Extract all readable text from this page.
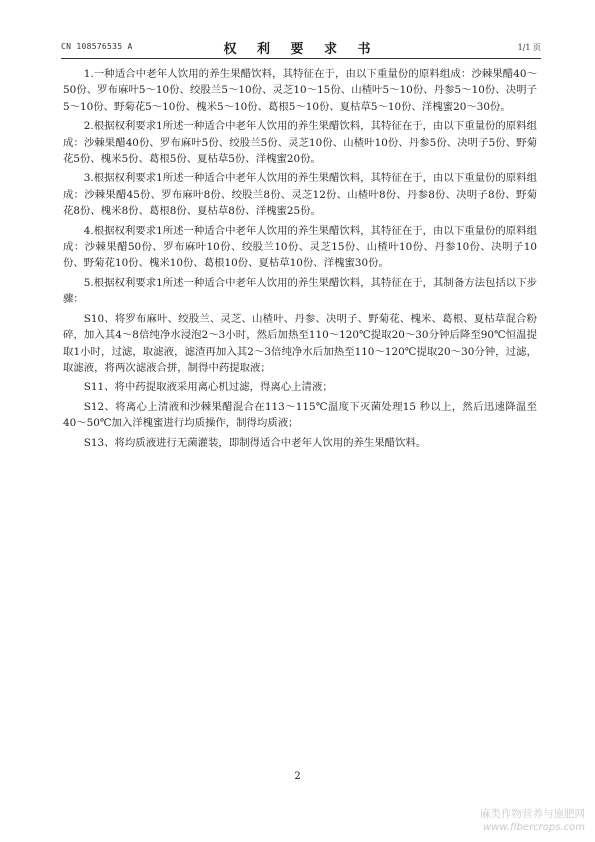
CN 108576535 A	权 利 要 求 书	1/1 页

1.一种适合中老年人饮用的养生果醋饮料，其特征在于，由以下重量份的原料组成：沙棘果醋40～50份、罗布麻叶5～10份、绞股兰5～10份、灵芝10～15份、山楂叶5～10份、丹参5～10份、决明子5～10份、野菊花5～10份、槐米5～10份、葛根5～10份、夏枯草5～10份、洋槐蜜20～30份。

2.根据权利要求1所述一种适合中老年人饮用的养生果醋饮料，其特征在于，由以下重量份的原料组成：沙棘果醋40份、罗布麻叶5份、绞股兰5份、灵芝10份、山楂叶10份、丹参5份、决明子5份、野菊花5份、槐米5份、葛根5份、夏枯草5份、洋槐蜜20份。

3.根据权利要求1所述一种适合中老年人饮用的养生果醋饮料，其特征在于，由以下重量份的原料组成：沙棘果醋45份、罗布麻叶8份、绞股兰8份、灵芝12份、山楂叶8份、丹参8份、决明子8份、野菊花8份、槐米8份、葛根8份、夏枯草8份、洋槐蜜25份。

4.根据权利要求1所述一种适合中老年人饮用的养生果醋饮料，其特征在于，由以下重量份的原料组成：沙棘果醋50份、罗布麻叶10份、绞股兰10份、灵芝15份、山楂叶10份、丹参10份、决明子10份、野菊花10份、槐米10份、葛根10份、夏枯草10份、洋槐蜜30份。

5.根据权利要求1所述一种适合中老年人饮用的养生果醋饮料，其特征在于，其制备方法包括以下步骤：

S10、将罗布麻叶、绞股兰、灵芝、山楂叶、丹参、决明子、野菊花、槐米、葛根、夏枯草混合粉碎，加入其4～8倍纯净水浸泡2～3小时，然后加热至110～120℃提取20～30分钟后降至90℃恒温提取1小时，过滤，取滤液，滤渣再加入其2～3倍纯净水后加热至110～120℃提取20～30分钟，过滤，取滤液，将两次滤液合拼，制得中药提取液；

S11、将中药提取液采用离心机过滤，得离心上清液；

S12、将离心上清液和沙棘果醋混合在113～115℃温度下灭菌处理15 秒以上，然后迅速降温至40～50℃加入洋槐蜜进行均质操作，制得均质液；

S13、将均质液进行无菌灌装，即制得适合中老年人饮用的养生果醋饮料。

2
麻类作物营养与施肥网
www.fibercrops.com
